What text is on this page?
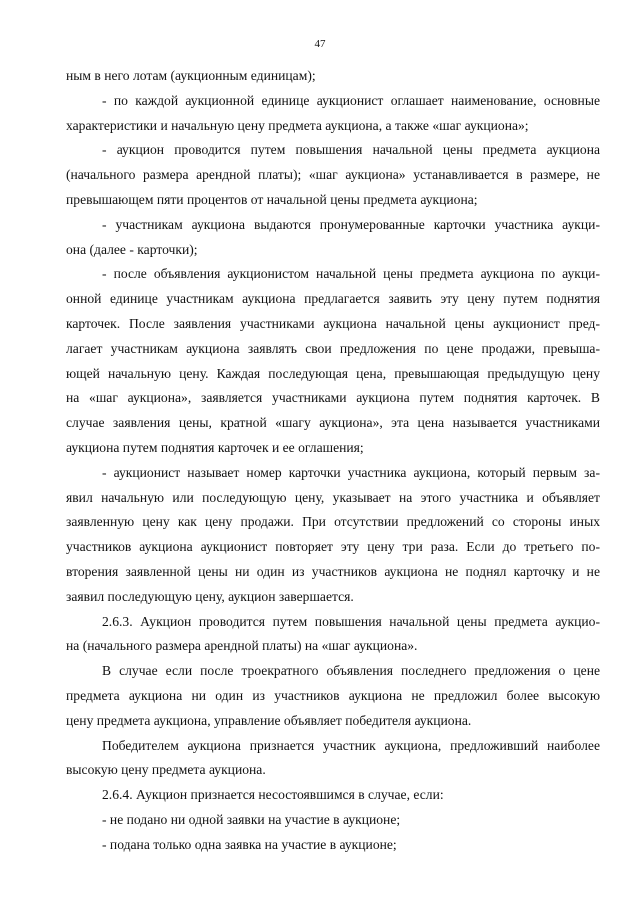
47
ным в него лотам (аукционным единицам);
- по каждой аукционной единице аукционист оглашает наименование, основные
характеристики и начальную цену предмета аукциона, а также «шаг аукциона»;
- аукцион проводится путем повышения начальной цены предмета аукциона
(начального размера арендной платы); «шаг аукциона» устанавливается в размере, не
превышающем пяти процентов от начальной цены предмета аукциона;
- участникам аукциона выдаются пронумерованные карточки участника аукци-
она (далее - карточки);
- после объявления аукционистом начальной цены предмета аукциона по аукци-
онной единице участникам аукциона предлагается заявить эту цену путем поднятия
карточек. После заявления участниками аукциона начальной цены аукционист пред-
лагает участникам аукциона заявлять свои предложения по цене продажи, превыша-
ющей начальную цену. Каждая последующая цена, превышающая предыдущую цену
на «шаг аукциона», заявляется участниками аукциона путем поднятия карточек. В
случае заявления цены, кратной «шагу аукциона», эта цена называется участниками
аукциона путем поднятия карточек и ее оглашения;
- аукционист называет номер карточки участника аукциона, который первым за-
явил начальную или последующую цену, указывает на этого участника и объявляет
заявленную цену как цену продажи. При отсутствии предложений со стороны иных
участников аукциона аукционист повторяет эту цену три раза. Если до третьего по-
вторения заявленной цены ни один из участников аукциона не поднял карточку и не
заявил последующую цену, аукцион завершается.
2.6.3. Аукцион проводится путем повышения начальной цены предмета аукцио-
на (начального размера арендной платы) на «шаг аукциона».
В случае если после троекратного объявления последнего предложения о цене
предмета аукциона ни один из участников аукциона не предложил более высокую
цену предмета аукциона, управление объявляет победителя аукциона.
Победителем аукциона признается участник аукциона, предложивший наиболее
высокую цену предмета аукциона.
2.6.4. Аукцион признается несостоявшимся в случае, если:
- не подано ни одной заявки на участие в аукционе;
- подана только одна заявка на участие в аукционе;
